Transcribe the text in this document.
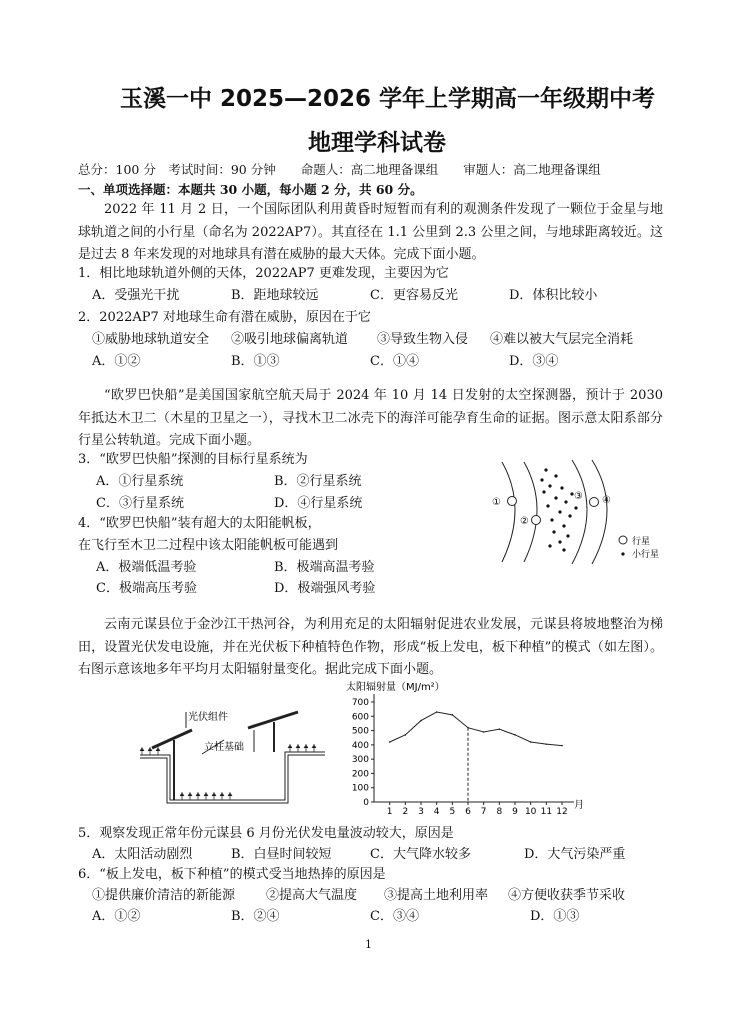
玉溪一中 2025—2026 学年上学期高一年级期中考
地理学科试卷
总分：100 分　考试时间：90 分钟　　命题人：高二地理备课组　　审题人：高二地理备课组
一、单项选择题：本题共 30 小题，每小题 2 分，共 60 分。
2022 年 11 月 2 日，一个国际团队利用黄昏时短暂而有利的观测条件发现了一颗位于金星与地球轨道之间的小行星（命名为 2022AP7）。其直径在 1.1 公里到 2.3 公里之间，与地球距离较近。这是过去 8 年来发现的对地球具有潜在威胁的最大天体。完成下面小题。
1．相比地球轨道外侧的天体，2022AP7 更难发现，主要因为它
A．受强光干扰	B．距地球较远	C．更容易反光	D．体积比较小
2．2022AP7 对地球生命有潜在威胁，原因在于它
①威胁地球轨道安全 ②吸引地球偏离轨道 ③导致生物入侵 ④难以被大气层完全消耗
A．①②	B．①③	C．①④	D．③④
“欧罗巴快船”是美国国家航空航天局于 2024 年 10 月 14 日发射的太空探测器，预计于 2030 年抵达木卫二（木星的卫星之一），寻找木卫二冰壳下的海洋可能孕育生命的证据。图示意太阳系部分行星公转轨道。完成下面小题。
3．“欧罗巴快船”探测的目标行星系统为
A．①行星系统	B．②行星系统
C．③行星系统	D．④行星系统
4．“欧罗巴快船”装有超大的太阳能帆板，
在飞行至木卫二过程中该太阳能帆板可能遇到
A．极端低温考验	B．极端高温考验
C．极端高压考验	D．极端强风考验
①
②
③ ④
行星
小行星
云南元谋县位于金沙江干热河谷，为利用充足的太阳辐射促进农业发展，元谋县将坡地整治为梯田，设置光伏发电设施，并在光伏板下种植特色作物，形成“板上发电，板下种植”的模式（如左图）。右图示意该地多年平均月太阳辐射量变化。据此完成下面小题。
光伏组件
立柱基础
太阳辐射量（MJ/m²）
月
0
100
200
300
400
500
600
700
1 2 3 4 5 6 7 8 9 10 11 12
5．观察发现正常年份元谋县 6 月份光伏发电量波动较大，原因是
A．太阳活动剧烈	B．白昼时间较短	C．大气降水较多	D．大气污染严重
6．“板上发电，板下种植”的模式受当地热捧的原因是
①提供廉价清洁的新能源 ②提高大气温度 ③提高土地利用率 ④方便收获季节采收
A．①②	B．②④	C．③④	D．①③
1
